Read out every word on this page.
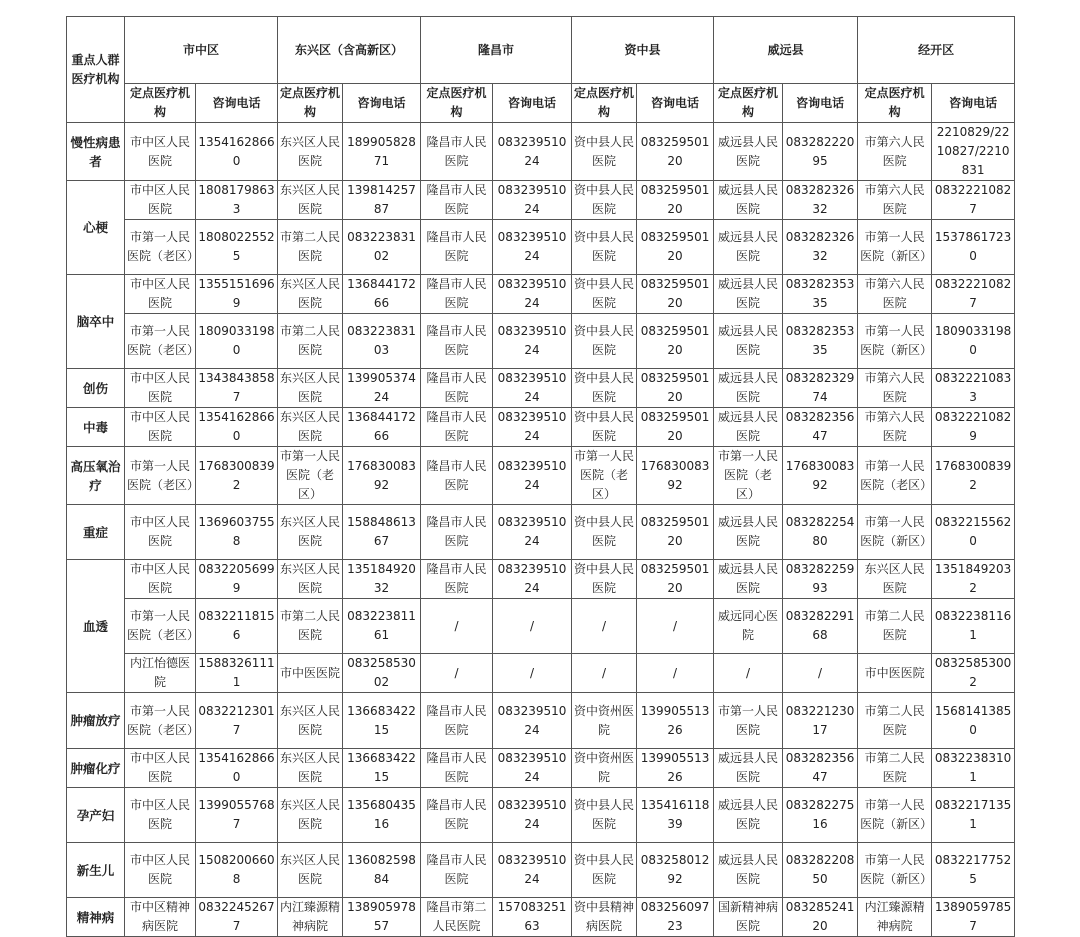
重点人群
医疗机构	市中区		东兴区（含高新区）		隆昌市		资中县		威远县		经开区	
	定点医疗机构	咨询电话	定点医疗机构	咨询电话	定点医疗机构	咨询电话	定点医疗机构	咨询电话	定点医疗机构	咨询电话	定点医疗机构	咨询电话
慢性病患者	市中区人民医院	13541628660	东兴区人民医院	18990582871	隆昌市人民医院	08323951024	资中县人民医院	08325950120	威远县人民医院	08328222095	市第六人民医院	2210829/2210827/2210831
心梗	市中区人民医院	18081798633	东兴区人民医院	13981425787	隆昌市人民医院	08323951024	资中县人民医院	08325950120	威远县人民医院	08328232632	市第六人民医院	08322210827
	市第一人民医院（老区）	18080225525	市第二人民医院	08322383102	隆昌市人民医院	08323951024	资中县人民医院	08325950120	威远县人民医院	08328232632	市第一人民医院（新区）	15378617230
脑卒中	市中区人民医院	13551516969	东兴区人民医院	13684417266	隆昌市人民医院	08323951024	资中县人民医院	08325950120	威远县人民医院	08328235335	市第六人民医院	08322210827
	市第一人民医院（老区）	18090331980	市第二人民医院	08322383103	隆昌市人民医院	08323951024	资中县人民医院	08325950120	威远县人民医院	08328235335	市第一人民医院（新区）	18090331980
创伤	市中区人民医院	13438438587	东兴区人民医院	13990537424	隆昌市人民医院	08323951024	资中县人民医院	08325950120	威远县人民医院	08328232974	市第六人民医院	08322210833
中毒	市中区人民医院	13541628660	东兴区人民医院	13684417266	隆昌市人民医院	08323951024	资中县人民医院	08325950120	威远县人民医院	08328235647	市第六人民医院	08322210829
高压氧治疗	市第一人民医院（老区）	17683008392	市第一人民医院（老区）	17683008392	隆昌市人民医院	08323951024	市第一人民医院（老区）	17683008392	市第一人民医院（老区）	17683008392	市第一人民医院（老区）	17683008392
重症	市中区人民医院	13696037558	东兴区人民医院	15884861367	隆昌市人民医院	08323951024	资中县人民医院	08325950120	威远县人民医院	08328225480	市第一人民医院（新区）	08322155620
血透	市中区人民医院	08322056999	东兴区人民医院	13518492032	隆昌市人民医院	08323951024	资中县人民医院	08325950120	威远县人民医院	08328225993	东兴区人民医院	13518492032
	市第一人民医院（老区）	08322118156	市第二人民医院	08322381161	/	/	/	/	威远同心医院	08328229168	市第二人民医院	08322381161
	内江怡德医院	15883261111	市中医医院	08325853002	/	/	/	/	/	/	市中医医院	08325853002
肿瘤放疗	市第一人民医院（老区）	08322123017	东兴区人民医院	13668342215	隆昌市人民医院	08323951024	资中资州医院	13990551326	市第一人民医院	08322123017	市第二人民医院	15681413850
肿瘤化疗	市中区人民医院	13541628660	东兴区人民医院	13668342215	隆昌市人民医院	08323951024	资中资州医院	13990551326	威远县人民医院	08328235647	市第二人民医院	08322383101
孕产妇	市中区人民医院	13990557687	东兴区人民医院	13568043516	隆昌市人民医院	08323951024	资中县人民医院	13541611839	威远县人民医院	08328227516	市第一人民医院（新区）	08322171351
新生儿	市中区人民医院	15082006608	东兴区人民医院	13608259884	隆昌市人民医院	08323951024	资中县人民医院	08325801292	威远县人民医院	08328220850	市第一人民医院（新区）	08322177525
精神病	市中区精神病医院	08322452677	内江臻源精神病院	13890597857	隆昌市第二人民医院	15708325163	资中县精神病医院	08325609723	国新精神病医院	08328524120	内江臻源精神病院	13890597857
